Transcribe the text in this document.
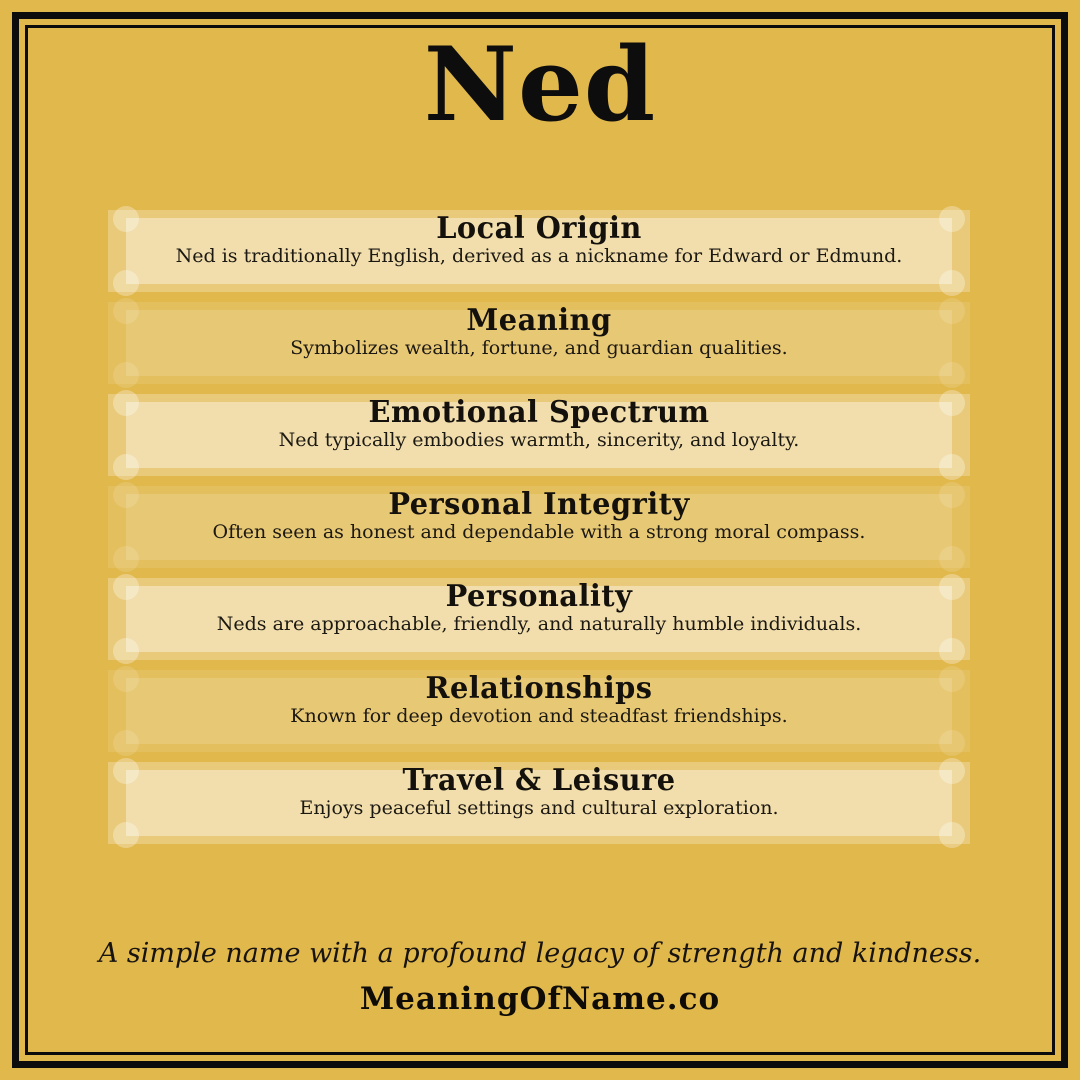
Ned
Local Origin

Ned is traditionally English, derived as a nickname for Edward or Edmund.

Meaning

Symbolizes wealth, fortune, and guardian qualities.

Emotional Spectrum

Ned typically embodies warmth, sincerity, and loyalty.

Personal Integrity

Often seen as honest and dependable with a strong moral compass.

Personality

Neds are approachable, friendly, and naturally humble individuals.

Relationships

Known for deep devotion and steadfast friendships.

Travel & Leisure

Enjoys peaceful settings and cultural exploration.

A simple name with a profound legacy of strength and kindness.

MeaningOfName.co
